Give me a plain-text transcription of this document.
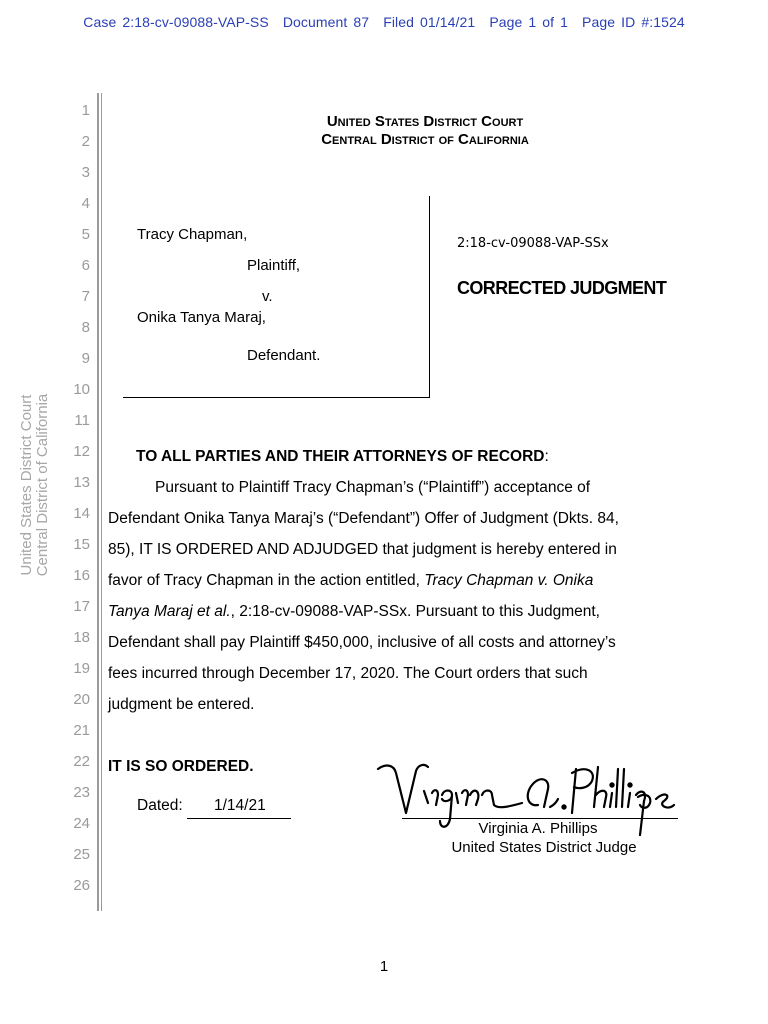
Case 2:18-cv-09088-VAP-SS Document 87 Filed 01/14/21 Page 1 of 1 Page ID #:1524
United States District Court Central District of California
1
2
3
4
5
6
7
8
9
10
11
12
13
14
15
16
17
18
19
20
21
22
23
24
25
26
United States District Court
Central District of California
Tracy Chapman,
Plaintiff,
v.
Onika Tanya Maraj,
Defendant.
2:18-cv-09088-VAP-SSx
CORRECTED JUDGMENT
TO ALL PARTIES AND THEIR ATTORNEYS OF RECORD:
Pursuant to Plaintiff Tracy Chapman’s (“Plaintiff”) acceptance of
Defendant Onika Tanya Maraj’s (“Defendant”) Offer of Judgment (Dkts. 84,
85), IT IS ORDERED AND ADJUDGED that judgment is hereby entered in
favor of Tracy Chapman in the action entitled, Tracy Chapman v. Onika
Tanya Maraj et al., 2:18-cv-09088-VAP-SSx. Pursuant to this Judgment,
Defendant shall pay Plaintiff $450,000, inclusive of all costs and attorney’s
fees incurred through December 17, 2020. The Court orders that such
judgment be entered.
IT IS SO ORDERED.
Dated: 1/14/21
Virginia A. Phillips
United States District Judge
1
